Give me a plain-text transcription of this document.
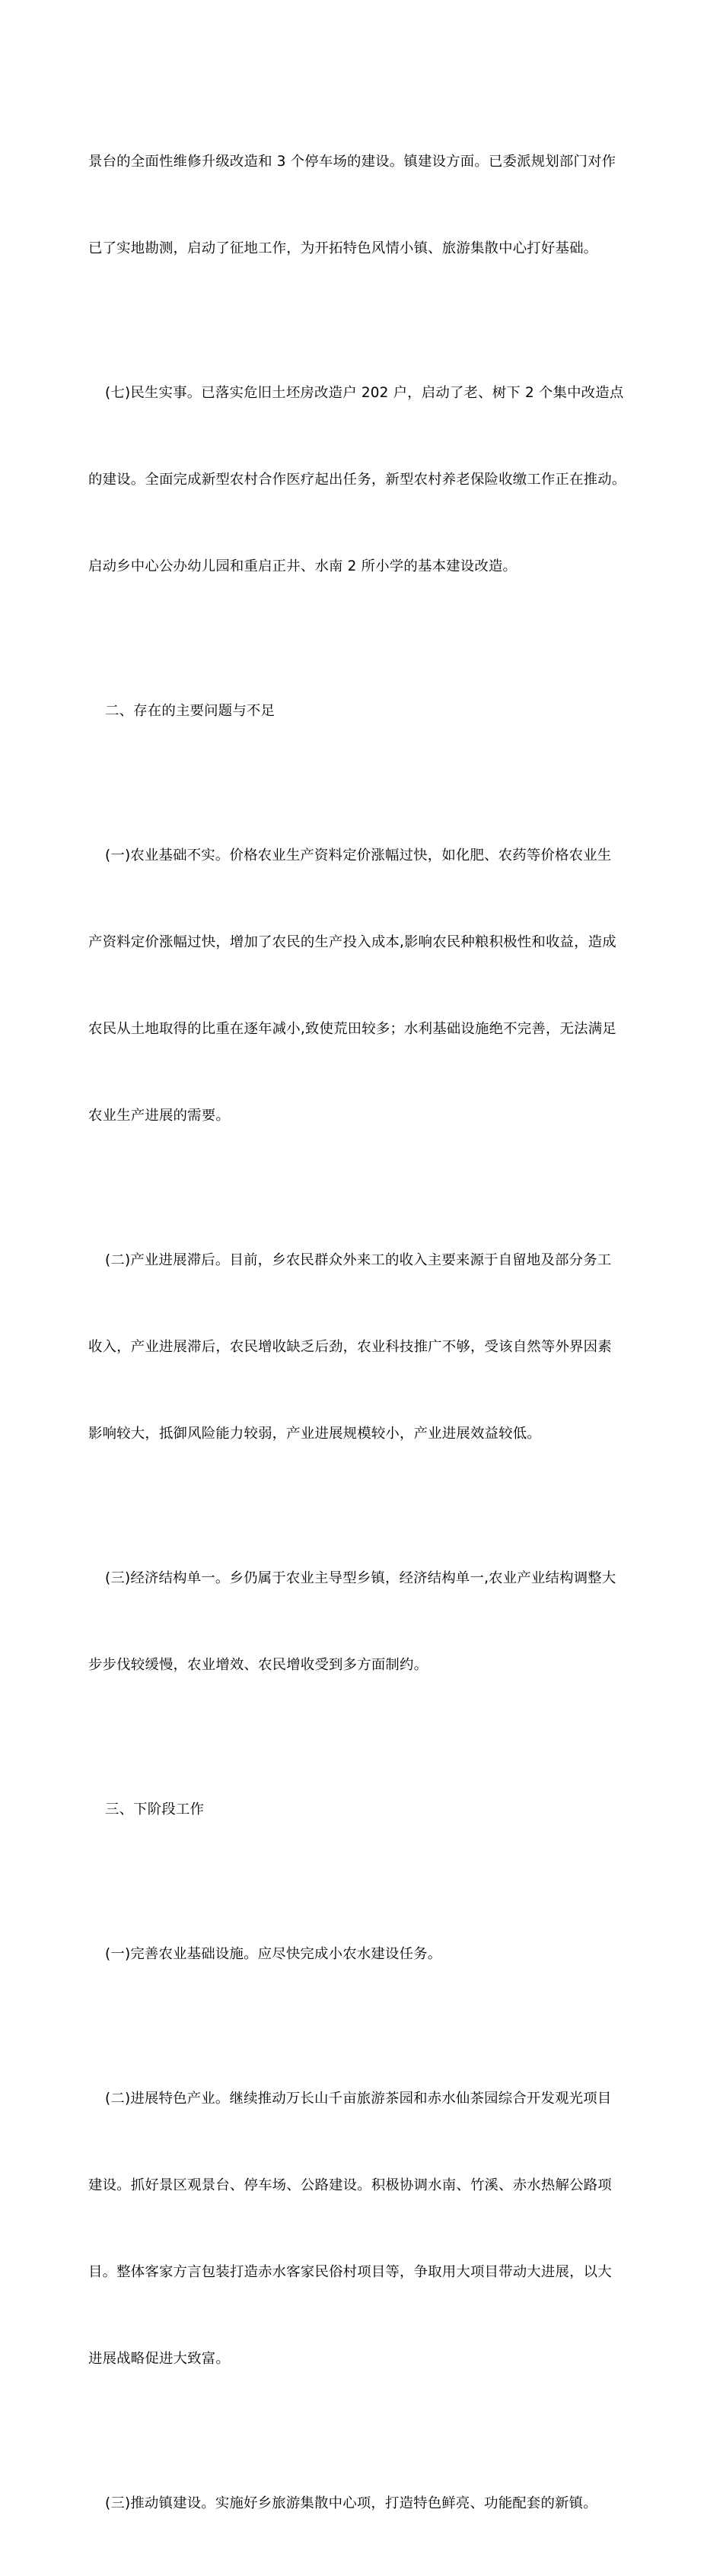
景台的全面性维修升级改造和 3 个停车场的建设。镇建设方面。已委派规划部门对作

已了实地勘测，启动了征地工作，为开拓特色风情小镇、旅游集散中心打好基础。

(七)民生实事。已落实危旧土坯房改造户 202 户，启动了老、树下 2 个集中改造点

的建设。全面完成新型农村合作医疗起出任务，新型农村养老保险收缴工作正在推动。

启动乡中心公办幼儿园和重启正井、水南 2 所小学的基本建设改造。

二、存在的主要问题与不足

(一)农业基础不实。价格农业生产资料定价涨幅过快，如化肥、农药等价格农业生

产资料定价涨幅过快，增加了农民的生产投入成本,影响农民种粮积极性和收益，造成

农民从土地取得的比重在逐年减小,致使荒田较多；水利基础设施绝不完善，无法满足

农业生产进展的需要。

(二)产业进展滞后。目前，乡农民群众外来工的收入主要来源于自留地及部分务工

收入，产业进展滞后，农民增收缺乏后劲，农业科技推广不够，受该自然等外界因素

影响较大，抵御风险能力较弱，产业进展规模较小，产业进展效益较低。

(三)经济结构单一。乡仍属于农业主导型乡镇，经济结构单一,农业产业结构调整大

步步伐较缓慢，农业增效、农民增收受到多方面制约。

三、下阶段工作

(一)完善农业基础设施。应尽快完成小农水建设任务。

(二)进展特色产业。继续推动万长山千亩旅游茶园和赤水仙茶园综合开发观光项目

建设。抓好景区观景台、停车场、公路建设。积极协调水南、竹溪、赤水热解公路项

目。整体客家方言包装打造赤水客家民俗村项目等，争取用大项目带动大进展，以大

进展战略促进大致富。

(三)推动镇建设。实施好乡旅游集散中心项，打造特色鲜亮、功能配套的新镇。
